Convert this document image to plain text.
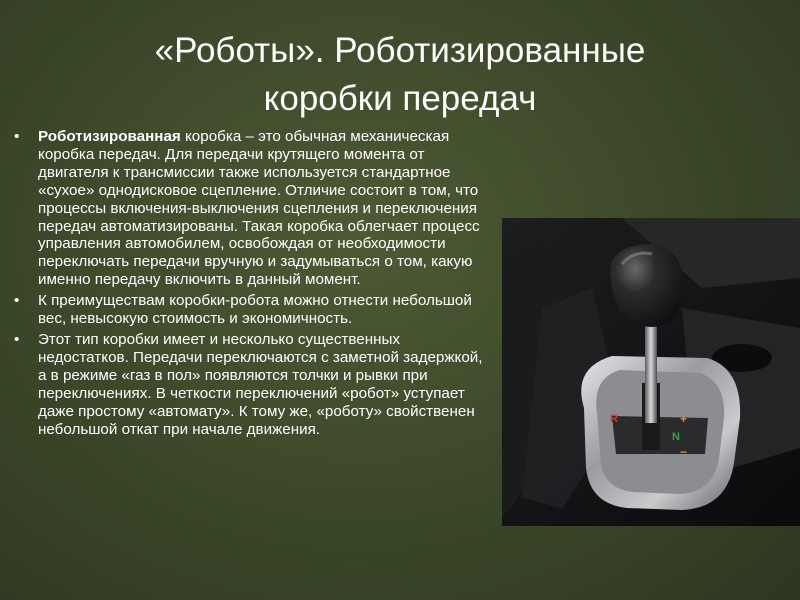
«Роботы». Роботизированные
коробки передач
• Роботизированная коробка – это обычная механическая коробка передач. Для передачи крутящего момента от двигателя к трансмиссии также используется стандартное «сухое» однодисковое сцепление. Отличие состоит в том, что процессы включения-выключения сцепления и переключения передач автоматизированы. Такая коробка облегчает процесс управления автомобилем, освобождая от необходимости переключать передачи вручную и задумываться о том, какую именно передачу включить в данный момент.
• К преимуществам коробки-робота можно отнести небольшой вес, невысокую стоимость и экономичность.
• Этот тип коробки имеет и несколько существенных недостатков. Передачи переключаются с заметной задержкой, а в режиме «газ в пол» появляются толчки и рывки при переключениях. В четкости переключений «робот» уступает даже простому «автомату». К тому же, «роботу» свойственен небольшой откат при начале движения.
R
N
+
−
